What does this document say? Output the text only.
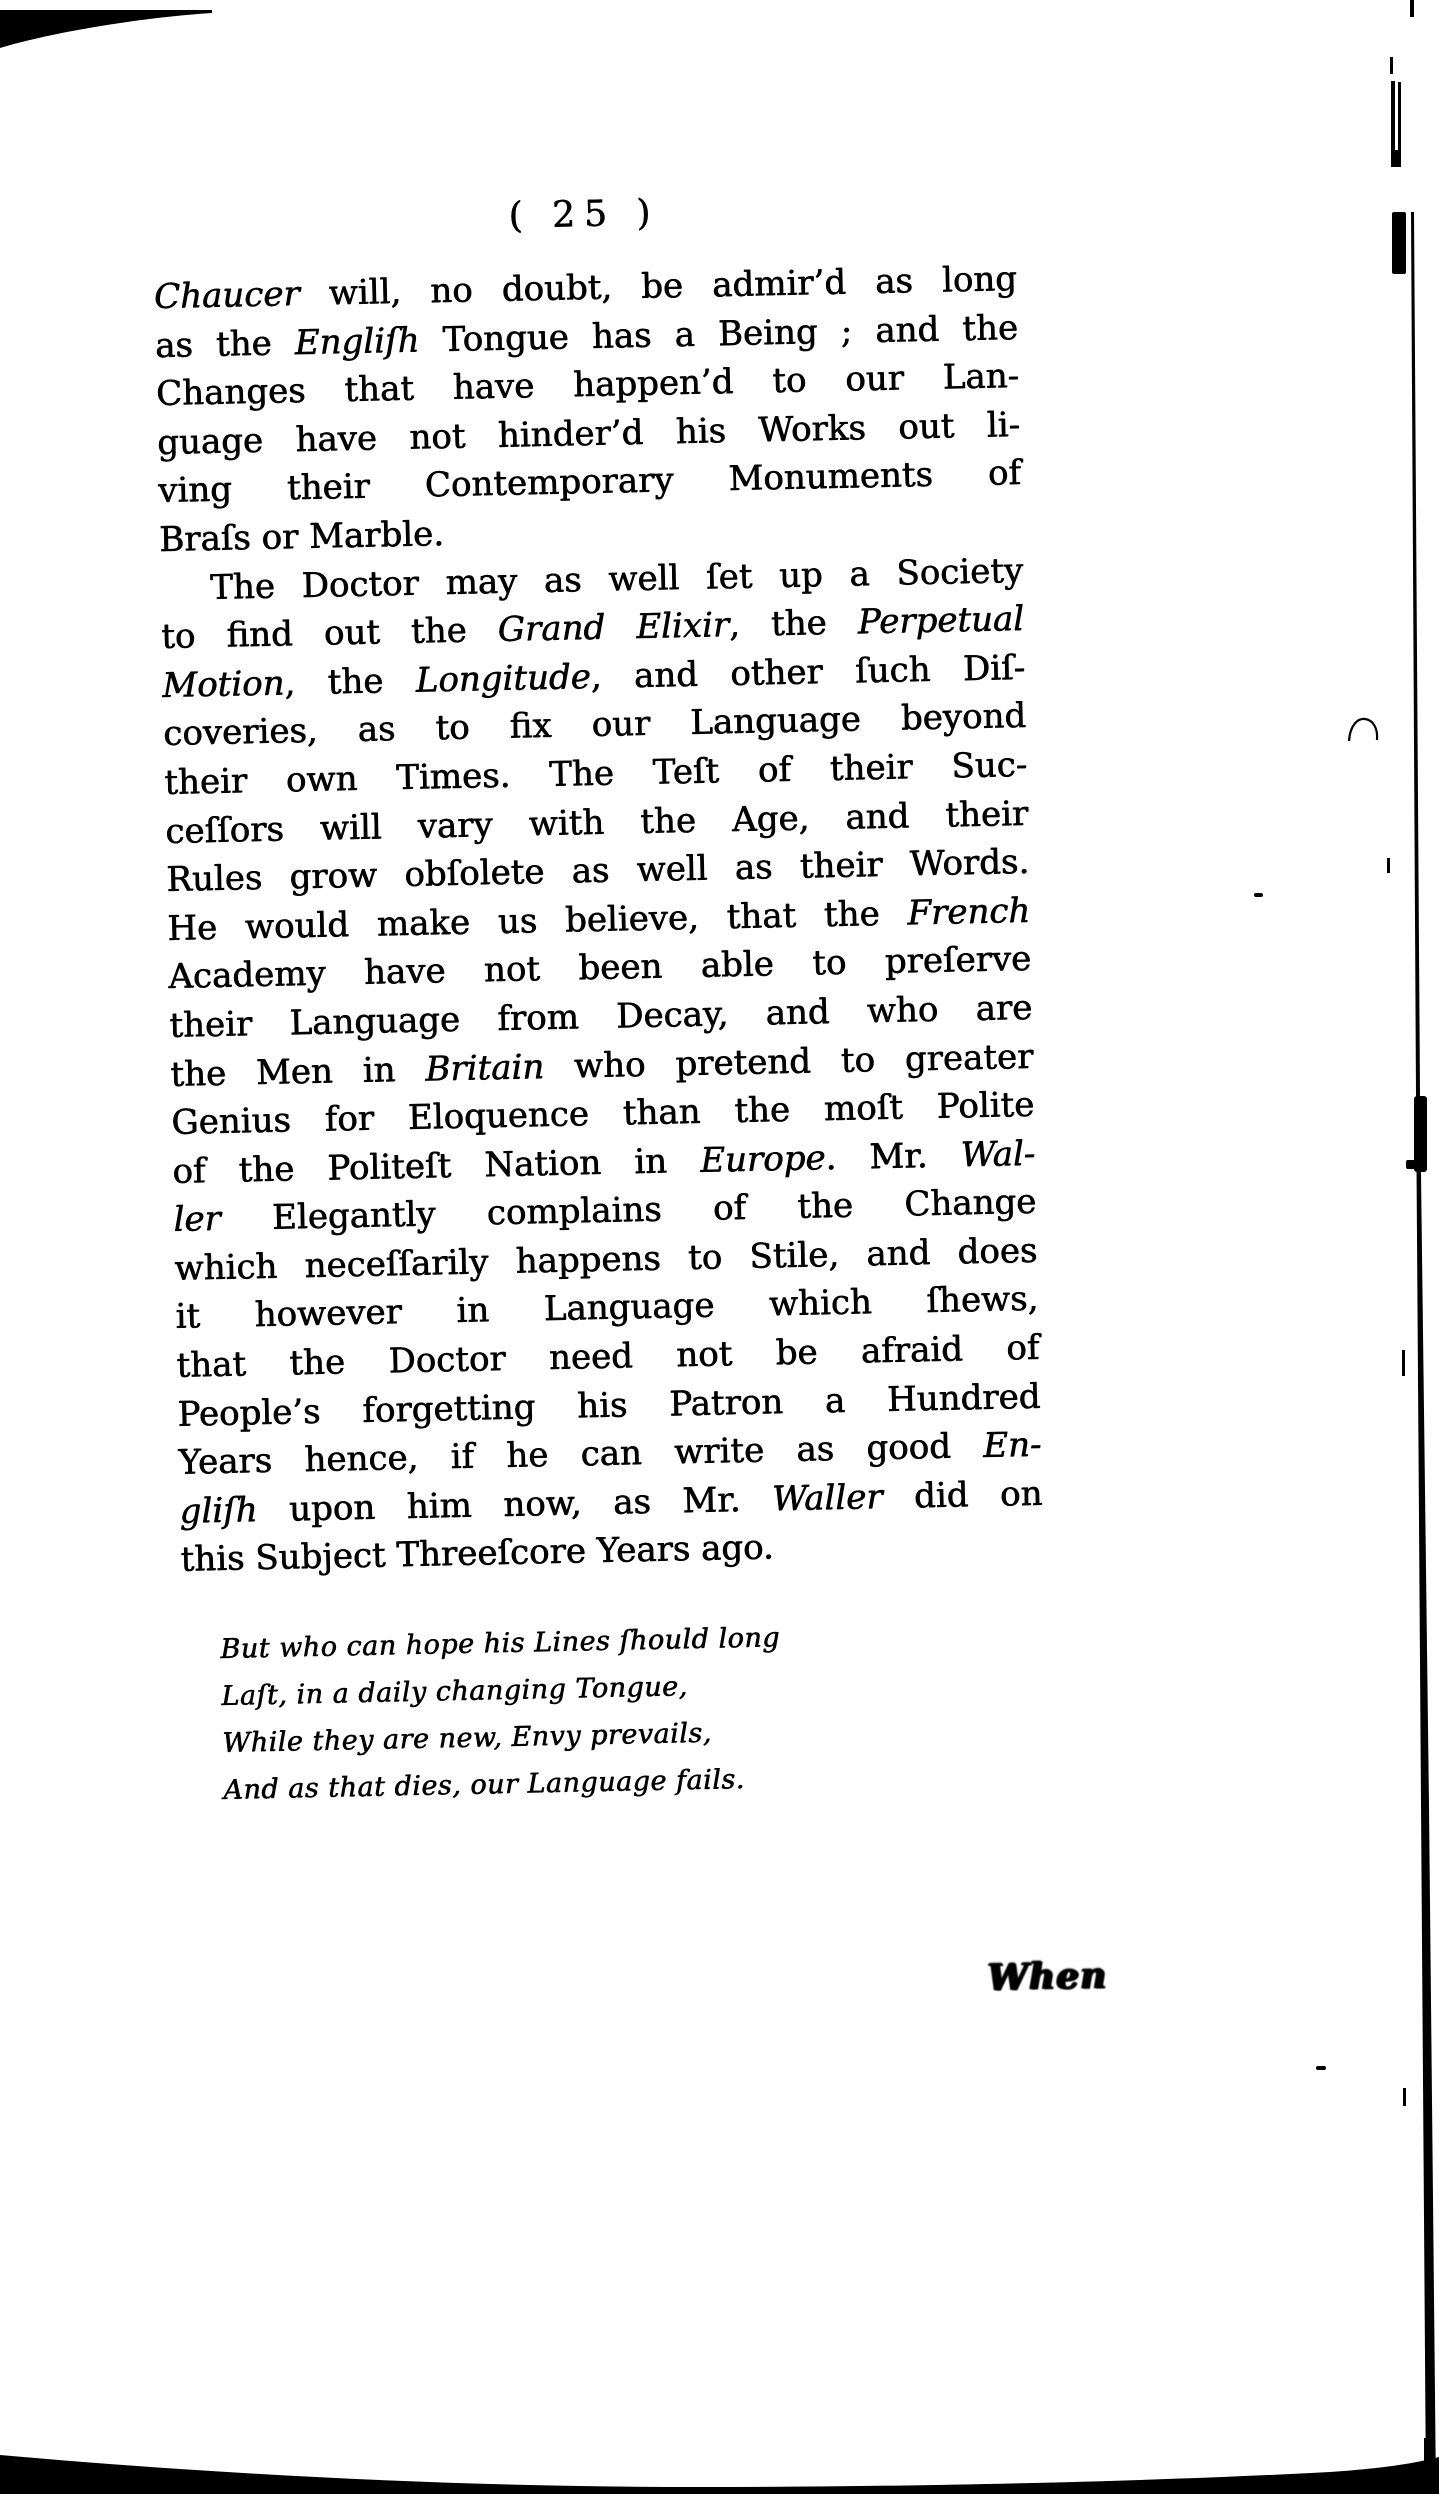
( 25 )
Chaucer will, no doubt, be admir’d as long
as the Engliſh Tongue has a Being ; and the
Changes that have happen’d to our Lan-
guage have not hinder’d his Works out li-
ving their Contemporary Monuments of
Braſs or Marble.
The Doctor may as well ſet up a Society
to find out the Grand Elixir, the Perpetual
Motion, the Longitude, and other ſuch Diſ-
coveries, as to fix our Language beyond
their own Times. The Teſt of their Suc-
ceſſors will vary with the Age, and their
Rules grow obſolete as well as their Words.
He would make us believe, that the French
Academy have not been able to preſerve
their Language from Decay, and who are
the Men in Britain who pretend to greater
Genius for Eloquence than the moſt Polite
of the Politeſt Nation in Europe. Mr. Wal-
ler Elegantly complains of the Change
which neceſſarily happens to Stile, and does
it however in Language which ſhews,
that the Doctor need not be afraid of
People’s forgetting his Patron a Hundred
Years hence, if he can write as good En-
gliſh upon him now, as Mr. Waller did on
this Subject Threeſcore Years ago.
But who can hope his Lines ſhould long
Laſt, in a daily changing Tongue,
While they are new, Envy prevails,
And as that dies, our Language fails.
When
